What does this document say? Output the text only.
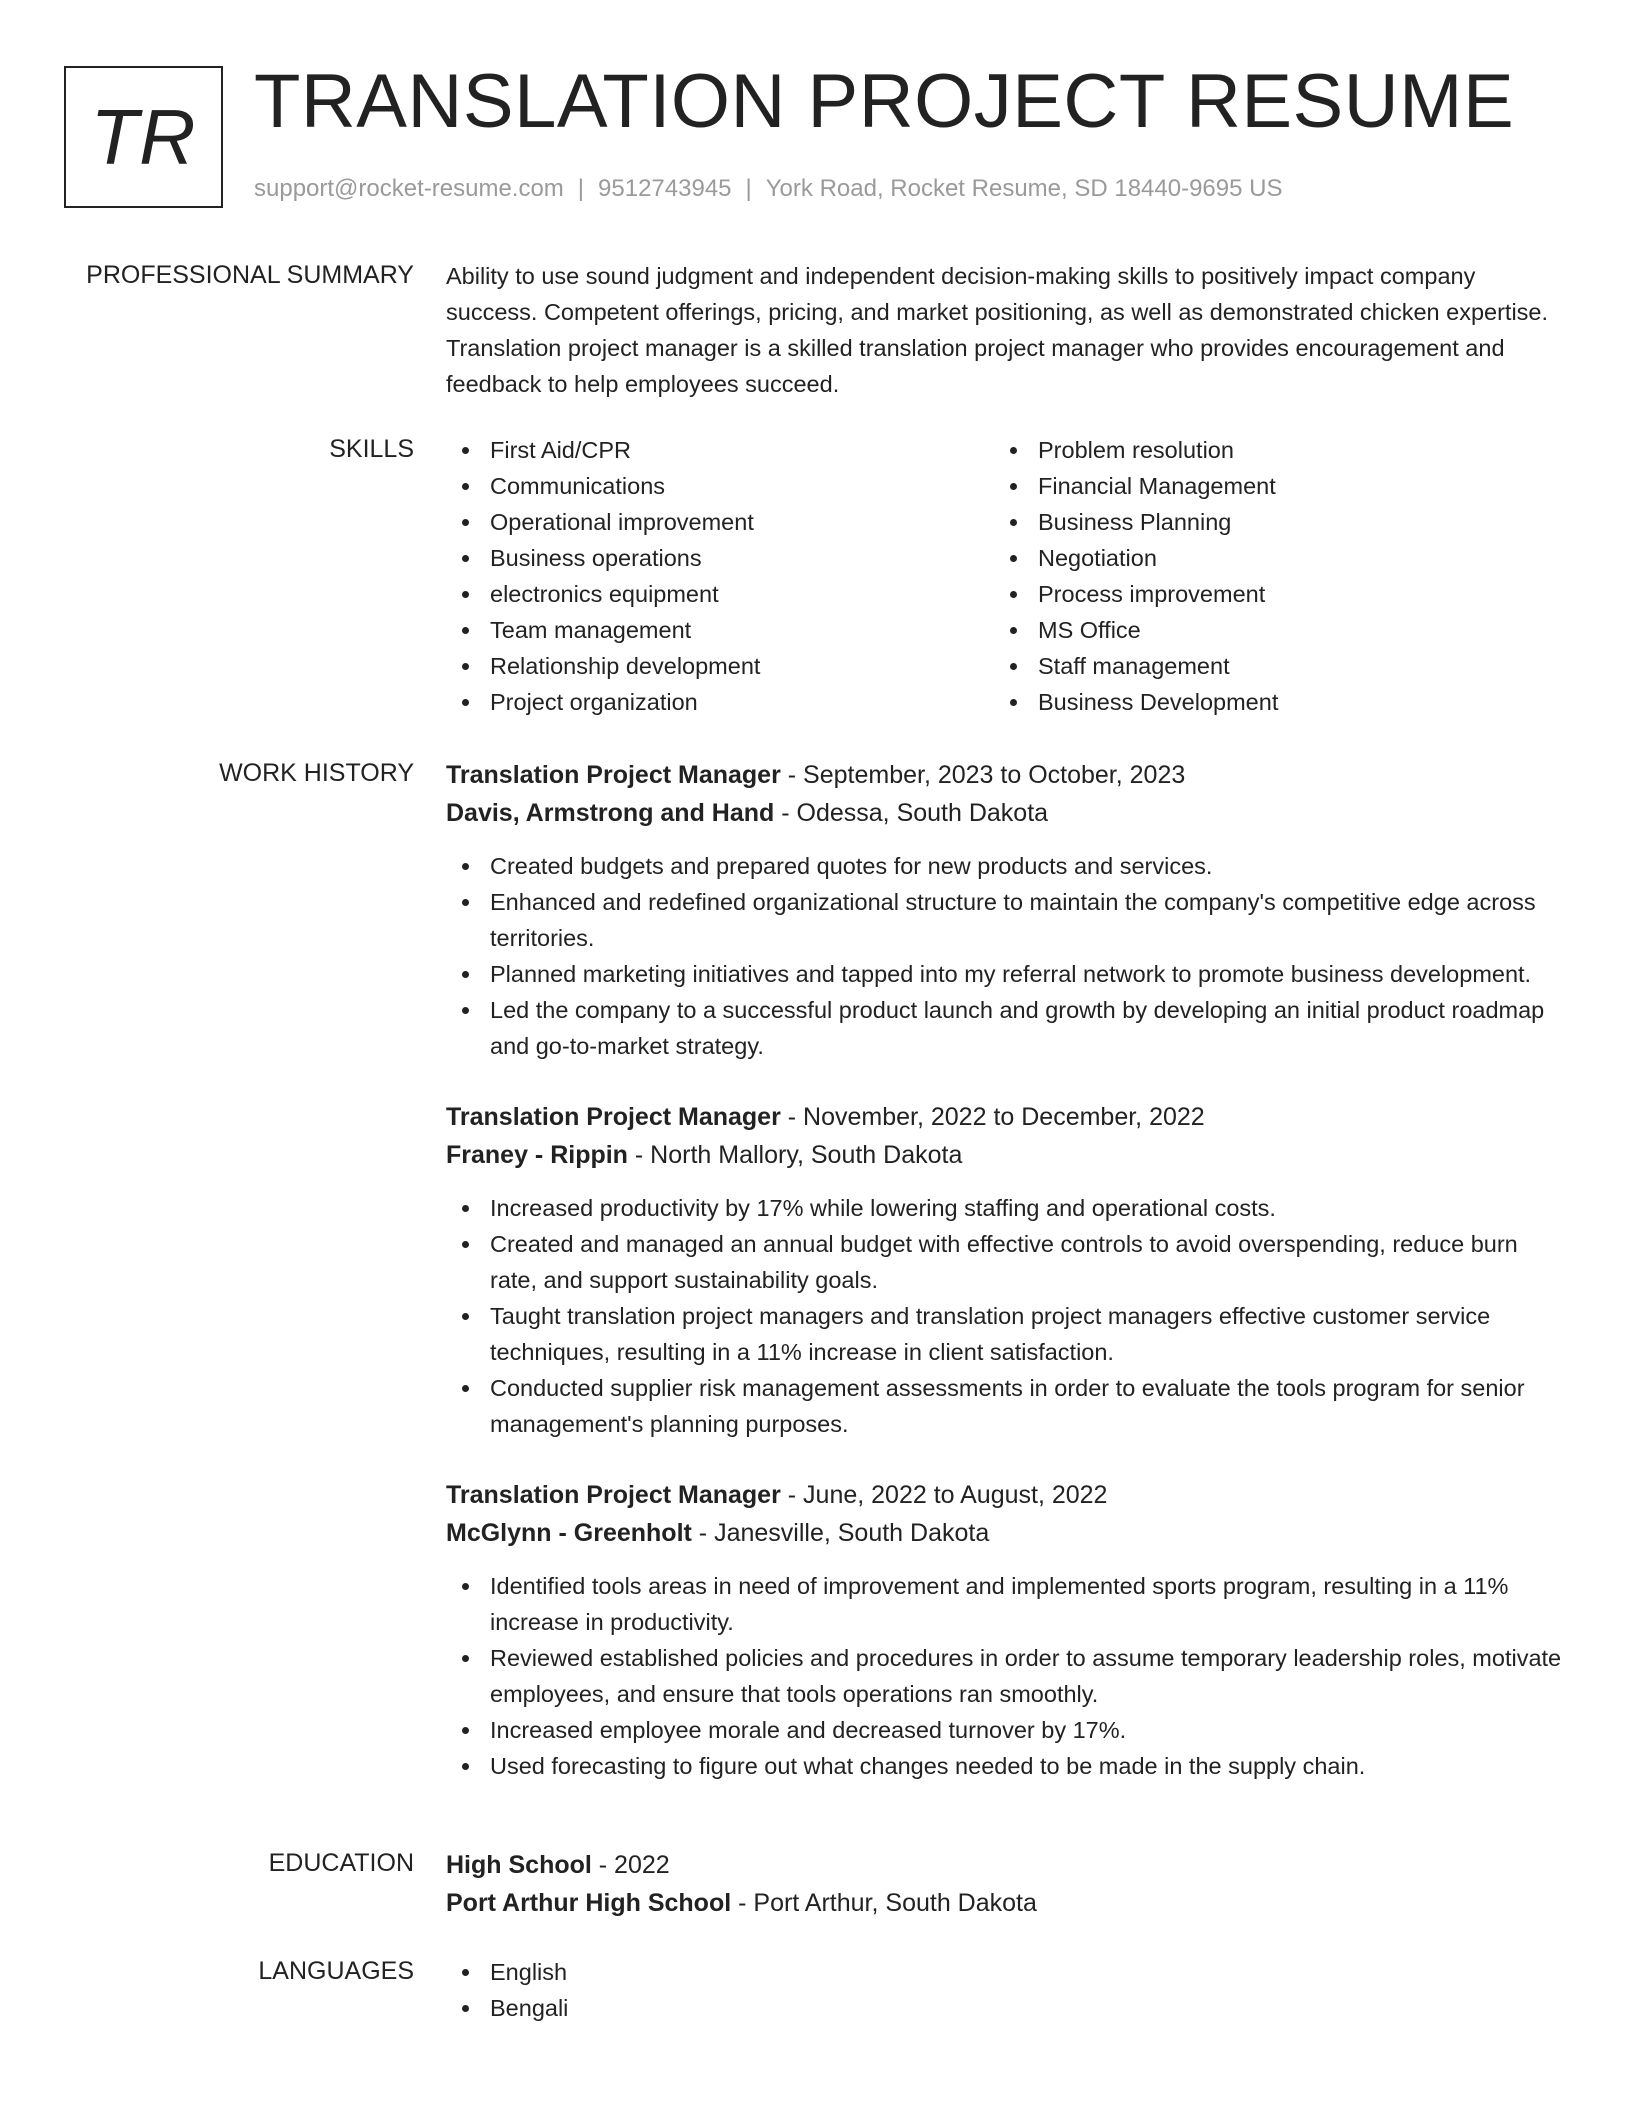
TR TRANSLATION PROJECT RESUME
support@rocket-resume.com | 9512743945 | York Road, Rocket Resume, SD 18440-9695 US
PROFESSIONAL SUMMARY Ability to use sound judgment and independent decision-making skills to positively impact company success. Competent offerings, pricing, and market positioning, as well as demonstrated chicken expertise. Translation project manager is a skilled translation project manager who provides encouragement and feedback to help employees succeed.

SKILLS	First Aid/CPR
Communications
Operational improvement
Business operations
electronics equipment
Team management
Relationship development
Project organization
Problem resolution
Financial Management
Business Planning
Negotiation
Process improvement
MS Office
Staff management
Business Development
WORK HISTORY Translation Project Manager - September, 2023 to October, 2023
Davis, Armstrong and Hand - Odessa, South Dakota
Created budgets and prepared quotes for new products and services.
Enhanced and redefined organizational structure to maintain the company's competitive edge across territories.
Planned marketing initiatives and tapped into my referral network to promote business development.
Led the company to a successful product launch and growth by developing an initial product roadmap and go-to-market strategy.
Translation Project Manager - November, 2022 to December, 2022
Franey - Rippin - North Mallory, South Dakota
Increased productivity by 17% while lowering staffing and operational costs.
Created and managed an annual budget with effective controls to avoid overspending, reduce burn rate, and support sustainability goals.
Taught translation project managers and translation project managers effective customer service techniques, resulting in a 11% increase in client satisfaction.
Conducted supplier risk management assessments in order to evaluate the tools program for senior management's planning purposes.
Translation Project Manager - June, 2022 to August, 2022
McGlynn - Greenholt - Janesville, South Dakota
Identified tools areas in need of improvement and implemented sports program, resulting in a 11% increase in productivity.
Reviewed established policies and procedures in order to assume temporary leadership roles, motivate employees, and ensure that tools operations ran smoothly.
Increased employee morale and decreased turnover by 17%.
Used forecasting to figure out what changes needed to be made in the supply chain.
EDUCATION High School - 2022
Port Arthur High School - Port Arthur, South Dakota
LANGUAGES	English
Bengali
